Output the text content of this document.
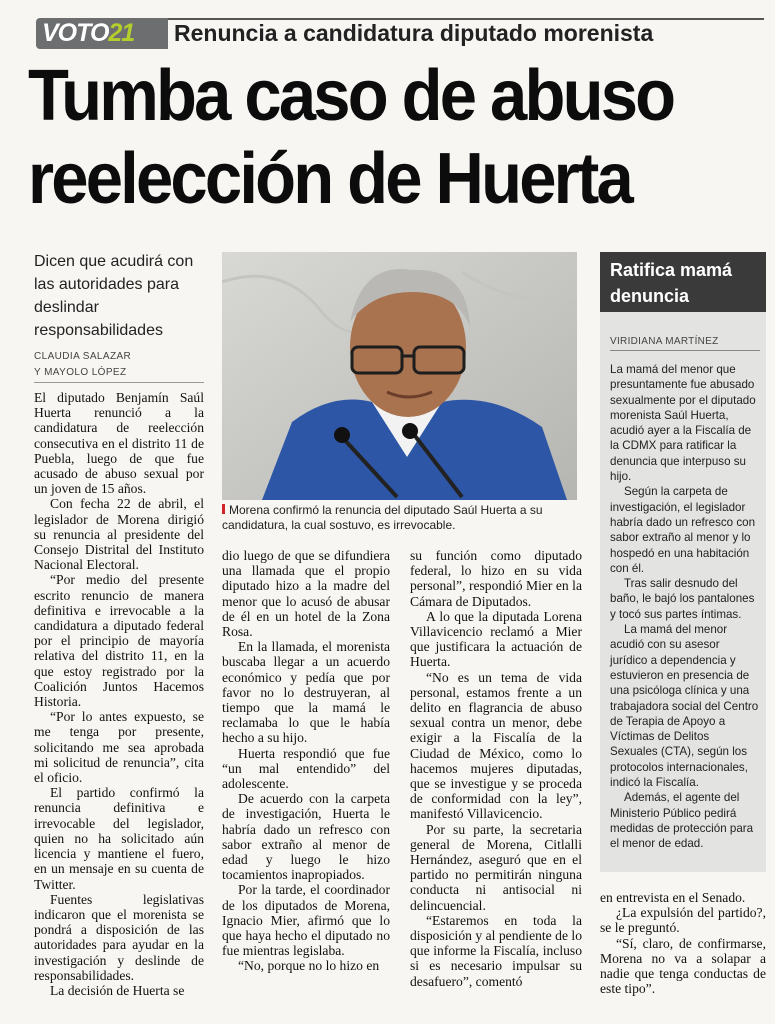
VOTO21 Renuncia a candidatura diputado morenista
Tumba caso de abuso
reelección de Huerta
Dicen que acudirá con las autoridades para deslindar responsabilidades
CLAUDIA SALAZAR
Y MAYOLO LÓPEZ

El diputado Benjamín Saúl Huerta renunció a la candidatura de reelección consecutiva en el distrito 11 de Puebla, luego de que fue acusado de abuso sexual por un joven de 15 años.

Con fecha 22 de abril, el legislador de Morena dirigió su renuncia al presidente del Consejo Distrital del Instituto Nacional Electoral.

“Por medio del presente escrito renuncio de manera definitiva e irrevocable a la candidatura a diputado federal por el principio de mayoría relativa del distrito 11, en la que estoy registrado por la Coalición Juntos Hacemos Historia.

“Por lo antes expuesto, se me tenga por presente, solicitando me sea aprobada mi solicitud de renuncia”, cita el oficio.

El partido confirmó la renuncia definitiva e irrevocable del legislador, quien no ha solicitado aún licencia y mantiene el fuero, en un mensaje en su cuenta de Twitter.

Fuentes legislativas indicaron que el morenista se pondrá a disposición de las autoridades para ayudar en la investigación y deslinde de responsabilidades.

La decisión de Huerta se

Morena confirmó la renuncia del diputado Saúl Huerta a su candidatura, la cual sostuvo, es irrevocable.

dio luego de que se difundiera una llamada que el propio diputado hizo a la madre del menor que lo acusó de abusar de él en un hotel de la Zona Rosa.

En la llamada, el morenista buscaba llegar a un acuerdo económico y pedía que por favor no lo destruyeran, al tiempo que la mamá le reclamaba lo que le había hecho a su hijo.

Huerta respondió que fue “un mal entendido” del adolescente.

De acuerdo con la carpeta de investigación, Huerta le habría dado un refresco con sabor extraño al menor de edad y luego le hizo tocamientos inapropiados.

Por la tarde, el coordinador de los diputados de Morena, Ignacio Mier, afirmó que lo que haya hecho el diputado no fue mientras legislaba.

“No, porque no lo hizo en

su función como diputado federal, lo hizo en su vida personal”, respondió Mier en la Cámara de Diputados.

A lo que la diputada Lorena Villavicencio reclamó a Mier que justificara la actuación de Huerta.

“No es un tema de vida personal, estamos frente a un delito en flagrancia de abuso sexual contra un menor, debe exigir a la Fiscalía de la Ciudad de México, como lo hacemos mujeres diputadas, que se investigue y se proceda de conformidad con la ley”, manifestó Villavicencio.

Por su parte, la secretaria general de Morena, Citlalli Hernández, aseguró que en el partido no permitirán ninguna conducta ni antisocial ni delincuencial.

“Estaremos en toda la disposición y al pendiente de lo que informe la Fiscalía, incluso si es necesario impulsar su desafuero”, comentó

Ratifica mamá denuncia
VIRIDIANA MARTÍNEZ

La mamá del menor que presuntamente fue abusado sexualmente por el diputado morenista Saúl Huerta, acudió ayer a la Fiscalía de la CDMX para ratificar la denuncia que interpuso su hijo.

Según la carpeta de investigación, el legislador habría dado un refresco con sabor extraño al menor y lo hospedó en una habitación con él.

Tras salir desnudo del baño, le bajó los pantalones y tocó sus partes íntimas.

La mamá del menor acudió con su asesor jurídico a dependencia y estuvieron en presencia de una psicóloga clínica y una trabajadora social del Centro de Terapia de Apoyo a Víctimas de Delitos Sexuales (CTA), según los protocolos internacionales, indicó la Fiscalía.

Además, el agente del Ministerio Público pedirá medidas de protección para el menor de edad.

en entrevista en el Senado.

¿La expulsión del partido?, se le preguntó.

“Sí, claro, de confirmarse, Morena no va a solapar a nadie que tenga conductas de este tipo”.
